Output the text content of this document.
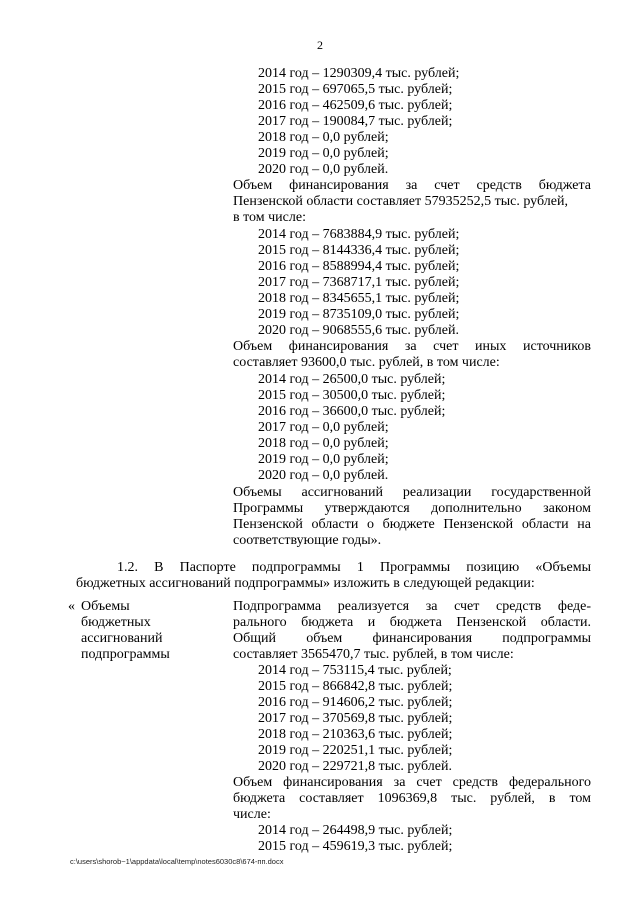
2
2014 год – 1290309,4 тыс. рублей;
2015 год – 697065,5 тыс. рублей;
2016 год – 462509,6 тыс. рублей;
2017 год – 190084,7 тыс. рублей;
2018 год – 0,0 рублей;
2019 год – 0,0 рублей;
2020 год – 0,0 рублей.
Объем финансирования за счет средств бюджета
Пензенской области составляет 57935252,5 тыс. рублей,
в том числе:
2014 год – 7683884,9 тыс. рублей;
2015 год – 8144336,4 тыс. рублей;
2016 год – 8588994,4 тыс. рублей;
2017 год – 7368717,1 тыс. рублей;
2018 год – 8345655,1 тыс. рублей;
2019 год – 8735109,0 тыс. рублей;
2020 год – 9068555,6 тыс. рублей.
Объем финансирования за счет иных источников
составляет 93600,0 тыс. рублей, в том числе:
2014 год – 26500,0 тыс. рублей;
2015 год – 30500,0 тыс. рублей;
2016 год – 36600,0 тыс. рублей;
2017 год – 0,0 рублей;
2018 год – 0,0 рублей;
2019 год – 0,0 рублей;
2020 год – 0,0 рублей.
Объемы ассигнований реализации государственной
Программы утверждаются дополнительно законом
Пензенской области о бюджете Пензенской области на
соответствующие годы».
1.2. В Паспорте подпрограммы 1 Программы позицию «Объемы
бюджетных ассигнований подпрограммы» изложить в следующей редакции:
« Объемы
бюджетных
ассигнований
подпрограммы
Подпрограмма реализуется за счет средств феде-
рального бюджета и бюджета Пензенской области.
Общий объем финансирования подпрограммы
составляет 3565470,7 тыс. рублей, в том числе:
2014 год – 753115,4 тыс. рублей;
2015 год – 866842,8 тыс. рублей;
2016 год – 914606,2 тыс. рублей;
2017 год – 370569,8 тыс. рублей;
2018 год – 210363,6 тыс. рублей;
2019 год – 220251,1 тыс. рублей;
2020 год – 229721,8 тыс. рублей.
Объем финансирования за счет средств федерального
бюджета составляет 1096369,8 тыс. рублей, в том
числе:
2014 год – 264498,9 тыс. рублей;
2015 год – 459619,3 тыс. рублей;
c:\users\shorob~1\appdata\local\temp\notes6030c8\674-пп.docx
